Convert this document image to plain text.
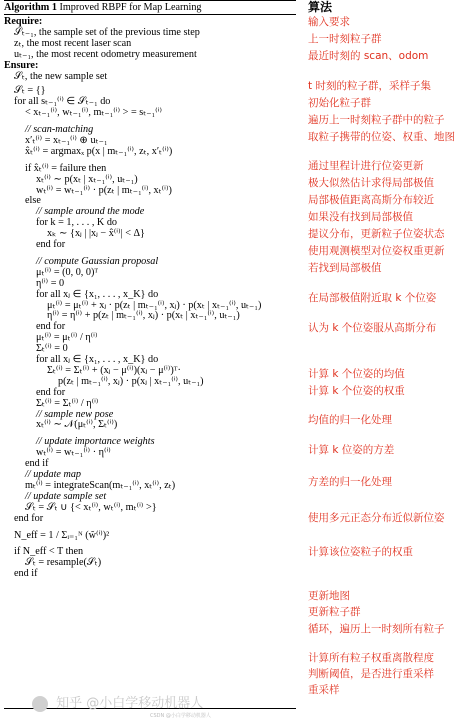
Algorithm 1 Improved RBPF for Map Learning
Require:
𝒮ₜ₋₁, the sample set of the previous time step
zₜ, the most recent laser scan
uₜ₋₁, the most recent odometry measurement
Ensure:
𝒮ₜ, the new sample set
𝒮ₜ = {}
for all sₜ₋₁⁽ⁱ⁾ ∈ 𝒮ₜ₋₁ do
< xₜ₋₁⁽ⁱ⁾, wₜ₋₁⁽ⁱ⁾, mₜ₋₁⁽ⁱ⁾ > = sₜ₋₁⁽ⁱ⁾
// scan-matching
x′ₜ⁽ⁱ⁾ = xₜ₋₁⁽ⁱ⁾ ⊕ uₜ₋₁
x̂ₜ⁽ⁱ⁾ = argmaxₓ p(x | mₜ₋₁⁽ⁱ⁾, zₜ, x′ₜ⁽ⁱ⁾)
if x̂ₜ⁽ⁱ⁾ = failure then
xₜ⁽ⁱ⁾ ∼ p(xₜ | xₜ₋₁⁽ⁱ⁾, uₜ₋₁)
wₜ⁽ⁱ⁾ = wₜ₋₁⁽ⁱ⁾ · p(zₜ | mₜ₋₁⁽ⁱ⁾, xₜ⁽ⁱ⁾)
else
// sample around the mode
for k = 1, . . . , K do
xₖ ∼ {xⱼ | |xⱼ − x̂⁽ⁱ⁾| < Δ}
end for
// compute Gaussian proposal
μₜ⁽ⁱ⁾ = (0, 0, 0)ᵀ
η⁽ⁱ⁾ = 0
for all xⱼ ∈ {x₁, . . . , x_K} do
μₜ⁽ⁱ⁾ = μₜ⁽ⁱ⁾ + xⱼ · p(zₜ | mₜ₋₁⁽ⁱ⁾, xⱼ) · p(xₜ | xₜ₋₁⁽ⁱ⁾, uₜ₋₁)
η⁽ⁱ⁾ = η⁽ⁱ⁾ + p(zₜ | mₜ₋₁⁽ⁱ⁾, xⱼ) · p(xₜ | xₜ₋₁⁽ⁱ⁾, uₜ₋₁)
end for
μₜ⁽ⁱ⁾ = μₜ⁽ⁱ⁾ / η⁽ⁱ⁾
Σₜ⁽ⁱ⁾ = 0
for all xⱼ ∈ {x₁, . . . , x_K} do
Σₜ⁽ⁱ⁾ = Σₜ⁽ⁱ⁾ + (xⱼ − μ⁽ⁱ⁾)(xⱼ − μ⁽ⁱ⁾)ᵀ·
p(zₜ | mₜ₋₁⁽ⁱ⁾, xⱼ) · p(xⱼ | xₜ₋₁⁽ⁱ⁾, uₜ₋₁)
end for
Σₜ⁽ⁱ⁾ = Σₜ⁽ⁱ⁾ / η⁽ⁱ⁾
// sample new pose
xₜ⁽ⁱ⁾ ∼ 𝒩(μₜ⁽ⁱ⁾, Σₜ⁽ⁱ⁾)
// update importance weights
wₜ⁽ⁱ⁾ = wₜ₋₁⁽ⁱ⁾ · η⁽ⁱ⁾
end if
// update map
mₜ⁽ⁱ⁾ = integrateScan(mₜ₋₁⁽ⁱ⁾, xₜ⁽ⁱ⁾, zₜ)
// update sample set
𝒮ₜ = 𝒮ₜ ∪ {< xₜ⁽ⁱ⁾, wₜ⁽ⁱ⁾, mₜ⁽ⁱ⁾ >}
end for
N_eff = 1 / Σᵢ₌₁ᴺ (w̃⁽ⁱ⁾)²
if N_eff < T then
𝒮ₜ = resample(𝒮ₜ)
end if
算法
输入要求
上一时刻粒子群
最近时刻的 scan、odom
t 时刻的粒子群，采样子集
初始化粒子群
遍历上一时刻粒子群中的粒子
取粒子携带的位姿、权重、地图
通过里程计进行位姿更新
极大似然估计求得局部极值
局部极值距离高斯分布较近
如果没有找到局部极值
提议分布，更新粒子位姿状态
使用观测模型对位姿权重更新
若找到局部极值
在局部极值附近取 k 个位姿
认为 k 个位姿服从高斯分布
计算 k 个位姿的均值
计算 k 个位姿的权重
均值的归一化处理
计算 k 位姿的方差
方差的归一化处理
使用多元正态分布近似新位姿
计算该位姿粒子的权重
更新地图
更新粒子群
循环，遍历上一时刻所有粒子
计算所有粒子权重离散程度
判断阈值，是否进行重采样
重采样
知乎 @小白学移动机器人
CSDN @小白学移动机器人
